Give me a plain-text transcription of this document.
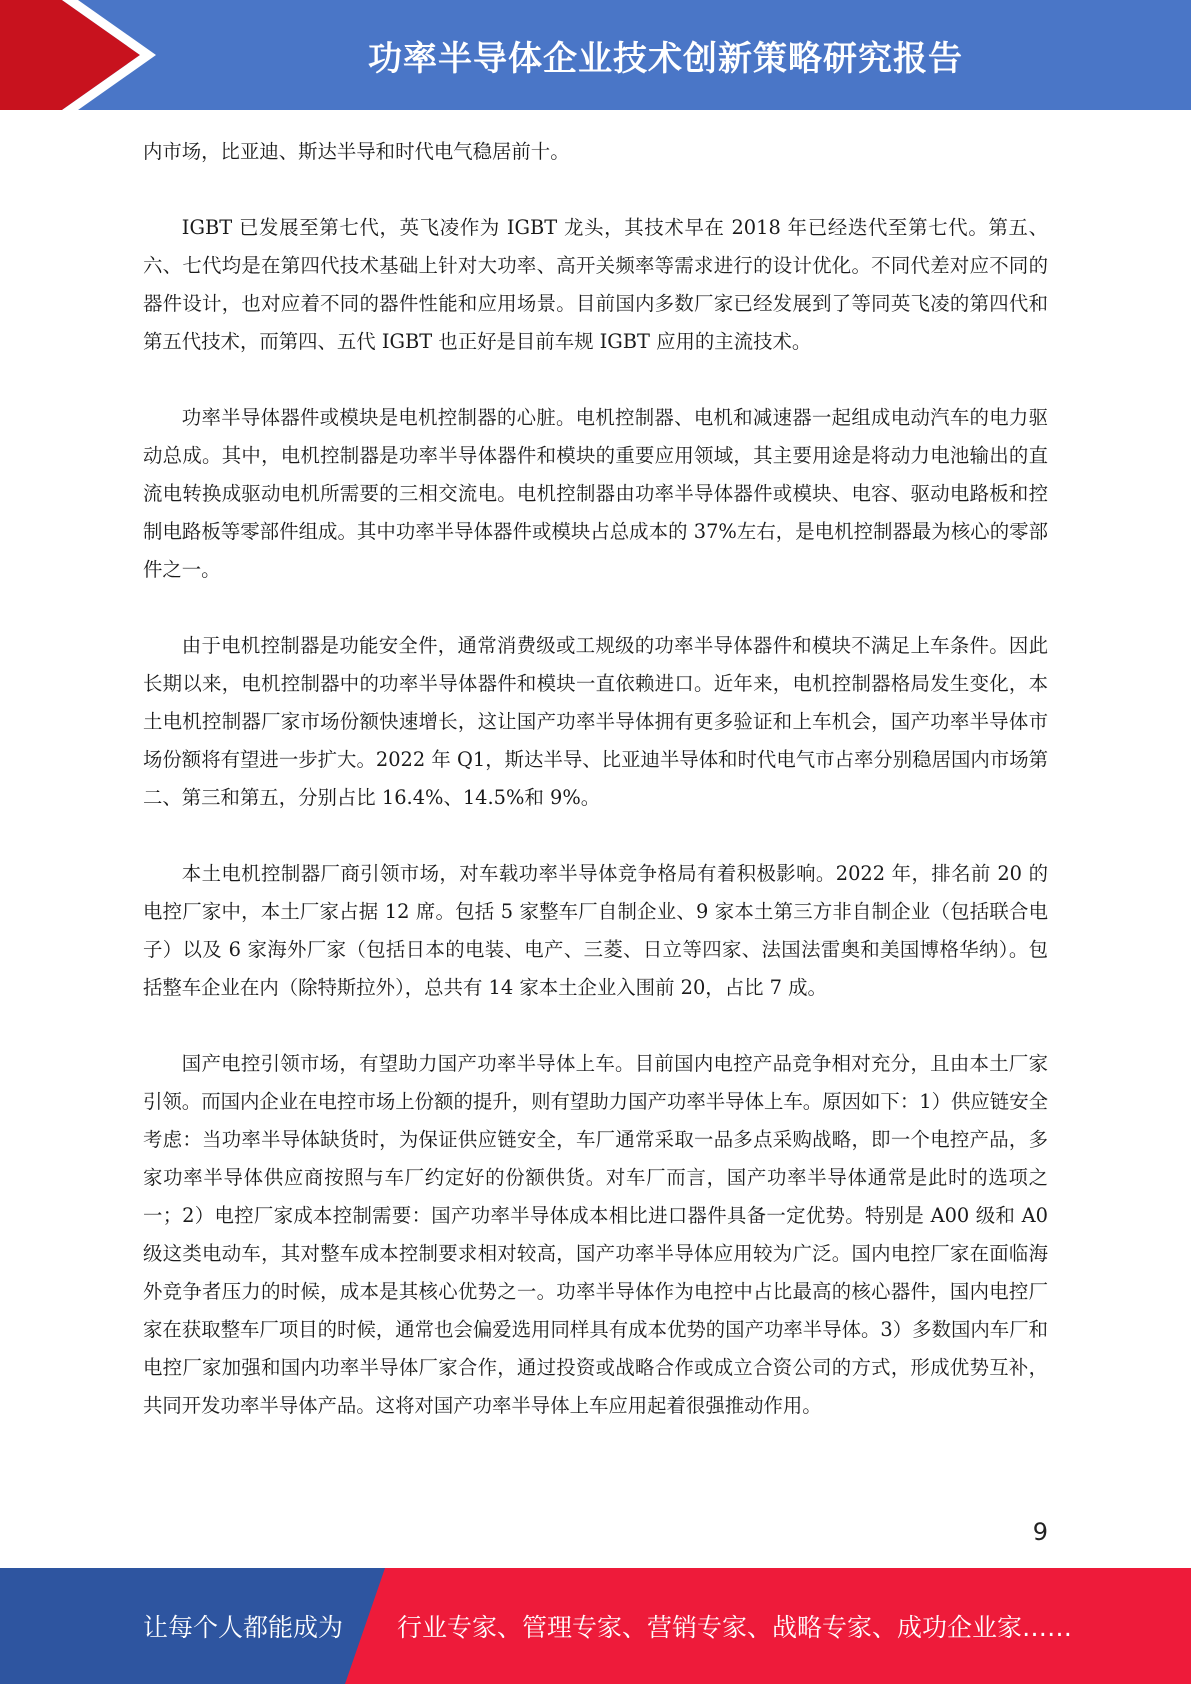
功率半导体企业技术创新策略研究报告

内市场，比亚迪、斯达半导和时代电气稳居前十。

IGBT 已发展至第七代，英飞凌作为 IGBT 龙头，其技术早在 2018 年已经迭代至第七代。第五、六、七代均是在第四代技术基础上针对大功率、高开关频率等需求进行的设计优化。不同代差对应不同的器件设计，也对应着不同的器件性能和应用场景。目前国内多数厂家已经发展到了等同英飞凌的第四代和第五代技术，而第四、五代 IGBT 也正好是目前车规 IGBT 应用的主流技术。

功率半导体器件或模块是电机控制器的心脏。电机控制器、电机和减速器一起组成电动汽车的电力驱动总成。其中，电机控制器是功率半导体器件和模块的重要应用领域，其主要用途是将动力电池输出的直流电转换成驱动电机所需要的三相交流电。电机控制器由功率半导体器件或模块、电容、驱动电路板和控制电路板等零部件组成。其中功率半导体器件或模块占总成本的 37%左右，是电机控制器最为核心的零部件之一。

由于电机控制器是功能安全件，通常消费级或工规级的功率半导体器件和模块不满足上车条件。因此长期以来，电机控制器中的功率半导体器件和模块一直依赖进口。近年来，电机控制器格局发生变化，本土电机控制器厂家市场份额快速增长，这让国产功率半导体拥有更多验证和上车机会，国产功率半导体市场份额将有望进一步扩大。2022 年 Q1，斯达半导、比亚迪半导体和时代电气市占率分别稳居国内市场第二、第三和第五，分别占比 16.4%、14.5%和 9%。

本土电机控制器厂商引领市场，对车载功率半导体竞争格局有着积极影响。2022 年，排名前 20 的电控厂家中，本土厂家占据 12 席。包括 5 家整车厂自制企业、9 家本土第三方非自制企业（包括联合电子）以及 6 家海外厂家（包括日本的电装、电产、三菱、日立等四家、法国法雷奥和美国博格华纳）。包括整车企业在内（除特斯拉外），总共有 14 家本土企业入围前 20，占比 7 成。

国产电控引领市场，有望助力国产功率半导体上车。目前国内电控产品竞争相对充分，且由本土厂家引领。而国内企业在电控市场上份额的提升，则有望助力国产功率半导体上车。原因如下：1）供应链安全考虑：当功率半导体缺货时，为保证供应链安全，车厂通常采取一品多点采购战略，即一个电控产品，多家功率半导体供应商按照与车厂约定好的份额供货。对车厂而言，国产功率半导体通常是此时的选项之一；2）电控厂家成本控制需要：国产功率半导体成本相比进口器件具备一定优势。特别是 A00 级和 A0 级这类电动车，其对整车成本控制要求相对较高，国产功率半导体应用较为广泛。国内电控厂家在面临海外竞争者压力的时候，成本是其核心优势之一。功率半导体作为电控中占比最高的核心器件，国内电控厂家在获取整车厂项目的时候，通常也会偏爱选用同样具有成本优势的国产功率半导体。3）多数国内车厂和电控厂家加强和国内功率半导体厂家合作，通过投资或战略合作或成立合资公司的方式，形成优势互补，共同开发功率半导体产品。这将对国产功率半导体上车应用起着很强推动作用。

9
让每个人都能成为 行业专家、管理专家、营销专家、战略专家、成功企业家……
